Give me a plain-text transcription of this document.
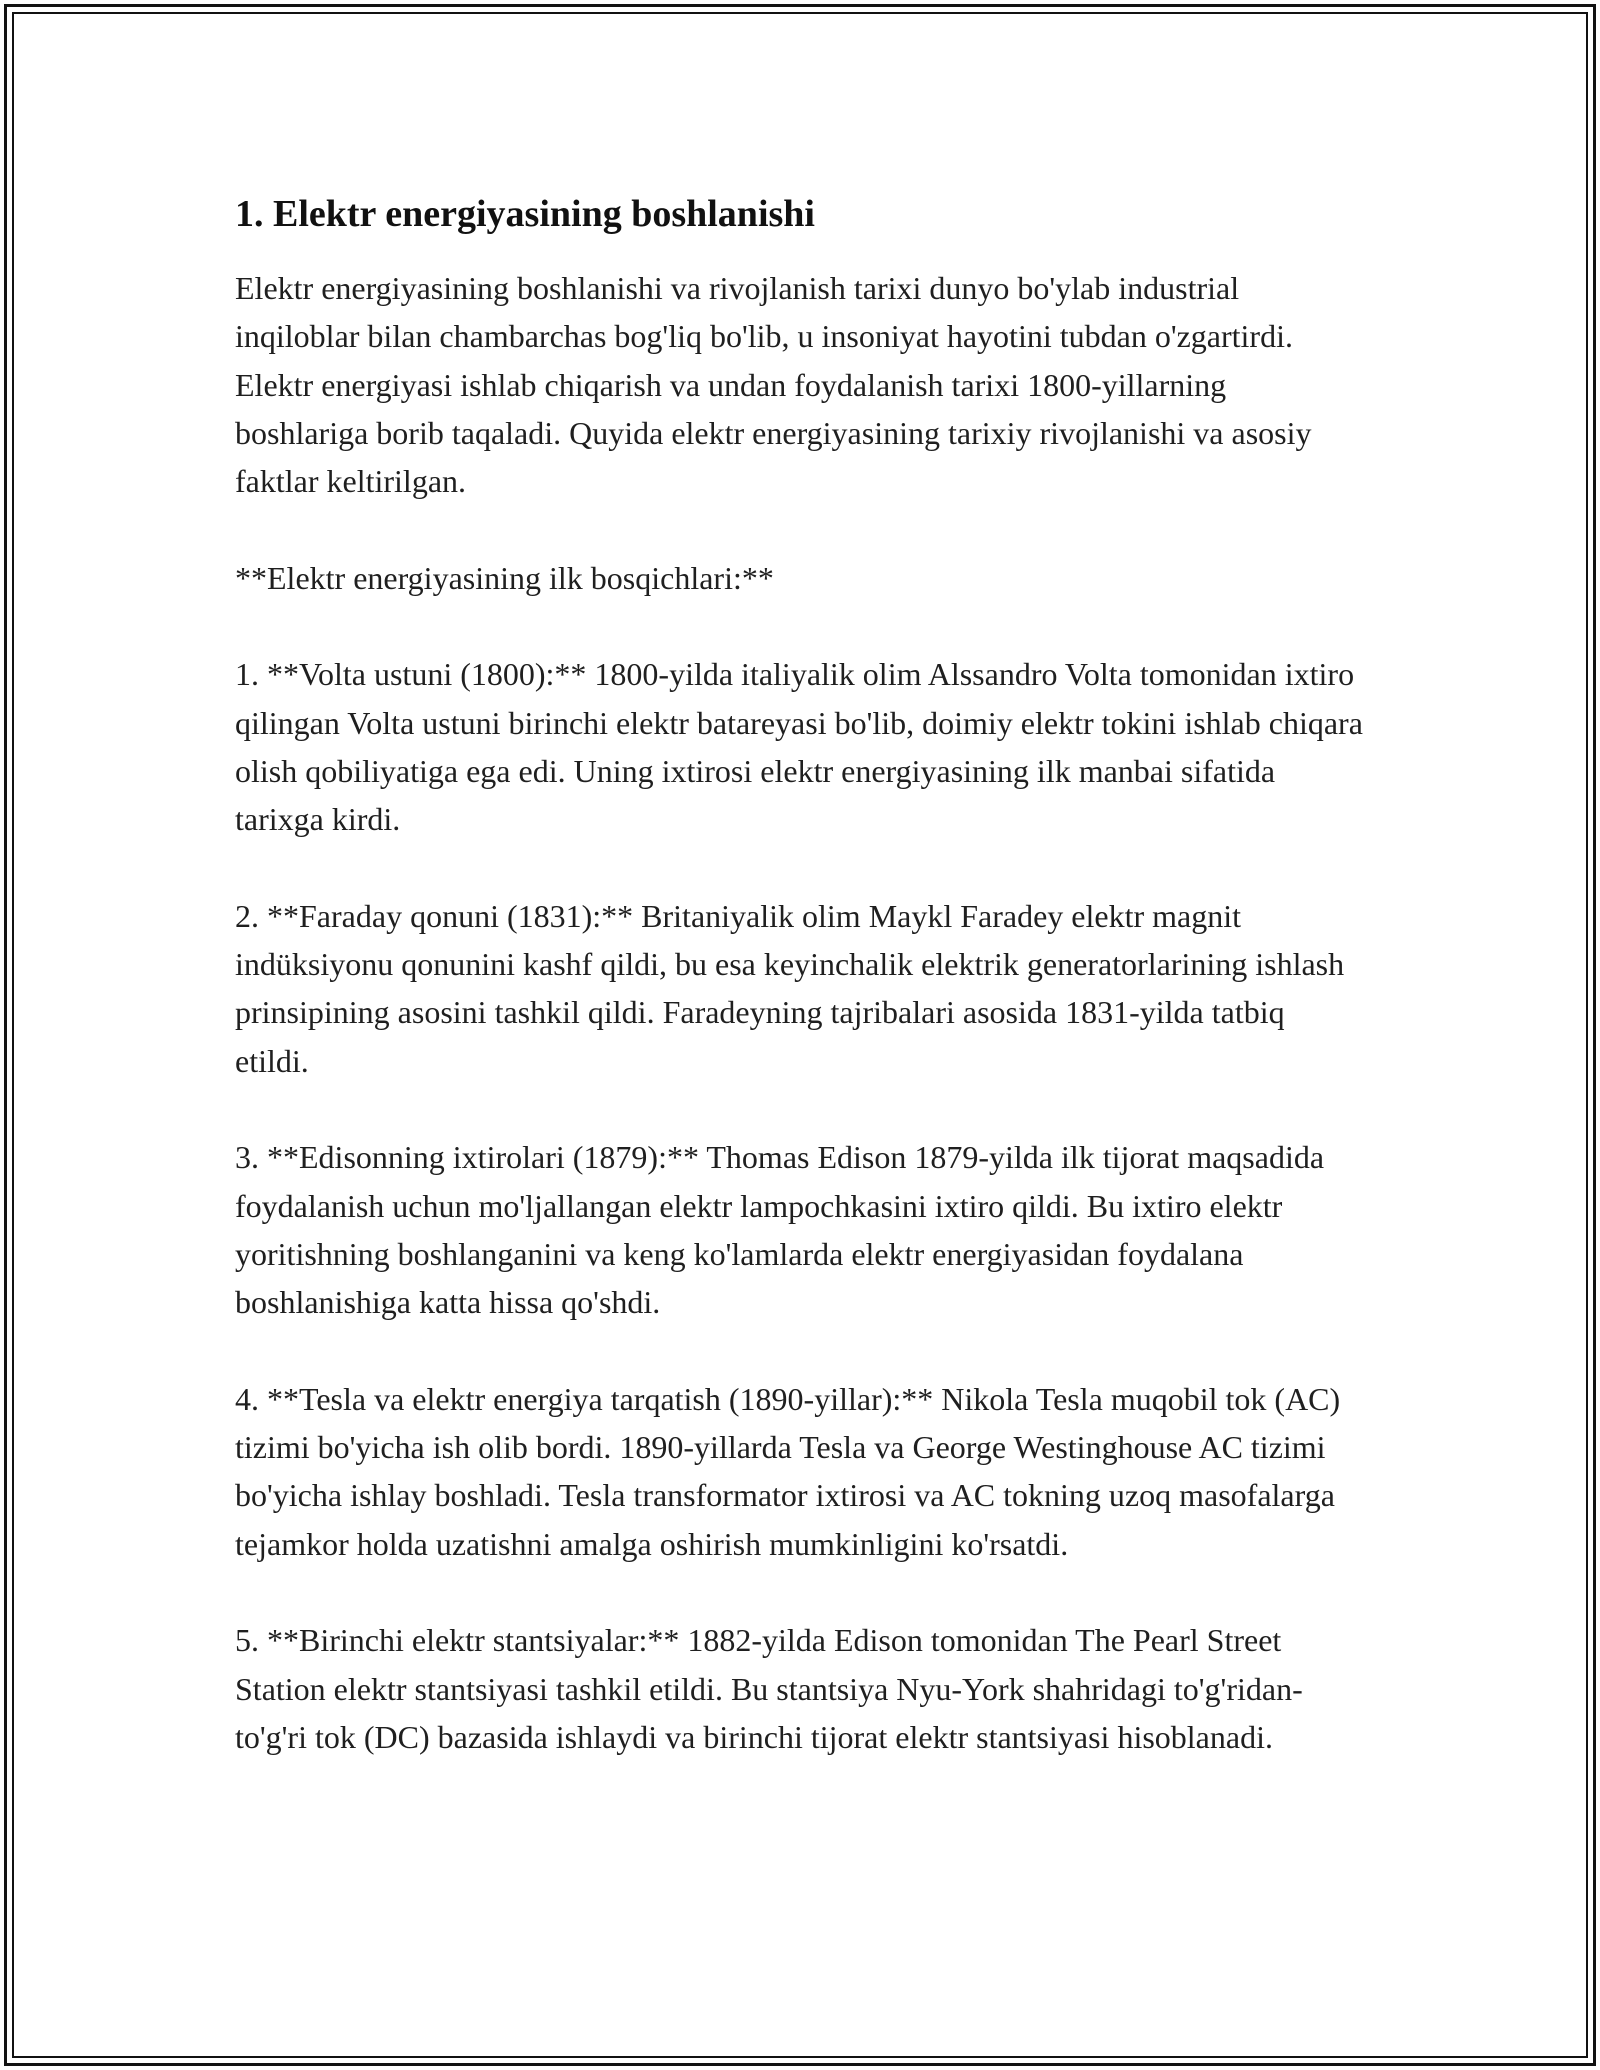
1. Elektr energiyasining boshlanishi

Elektr energiyasining boshlanishi va rivojlanish tarixi dunyo bo'ylab industrial inqiloblar bilan chambarchas bog'liq bo'lib, u insoniyat hayotini tubdan o'zgartirdi. Elektr energiyasi ishlab chiqarish va undan foydalanish tarixi 1800-yillarning boshlariga borib taqaladi. Quyida elektr energiyasining tarixiy rivojlanishi va asosiy faktlar keltirilgan.

**Elektr energiyasining ilk bosqichlari:**

1. **Volta ustuni (1800):** 1800-yilda italiyalik olim Alssandro Volta tomonidan ixtiro qilingan Volta ustuni birinchi elektr batareyasi bo'lib, doimiy elektr tokini ishlab chiqara olish qobiliyatiga ega edi. Uning ixtirosi elektr energiyasining ilk manbai sifatida tarixga kirdi.

2. **Faraday qonuni (1831):** Britaniyalik olim Maykl Faradey elektr magnit indüksiyonu qonunini kashf qildi, bu esa keyinchalik elektrik generatorlarining ishlash prinsipining asosini tashkil qildi. Faradeyning tajribalari asosida 1831-yilda tatbiq etildi.

3. **Edisonning ixtirolari (1879):** Thomas Edison 1879-yilda ilk tijorat maqsadida foydalanish uchun mo'ljallangan elektr lampochkasini ixtiro qildi. Bu ixtiro elektr yoritishning boshlanganini va keng ko'lamlarda elektr energiyasidan foydalana boshlanishiga katta hissa qo'shdi.

4. **Tesla va elektr energiya tarqatish (1890-yillar):** Nikola Tesla muqobil tok (AC) tizimi bo'yicha ish olib bordi. 1890-yillarda Tesla va George Westinghouse AC tizimi bo'yicha ishlay boshladi. Tesla transformator ixtirosi va AC tokning uzoq masofalarga tejamkor holda uzatishni amalga oshirish mumkinligini ko'rsatdi.

5. **Birinchi elektr stantsiyalar:** 1882-yilda Edison tomonidan The Pearl Street Station elektr stantsiyasi tashkil etildi. Bu stantsiya Nyu-York shahridagi to'g'ridan-to'g'ri tok (DC) bazasida ishlaydi va birinchi tijorat elektr stantsiyasi hisoblanadi.
